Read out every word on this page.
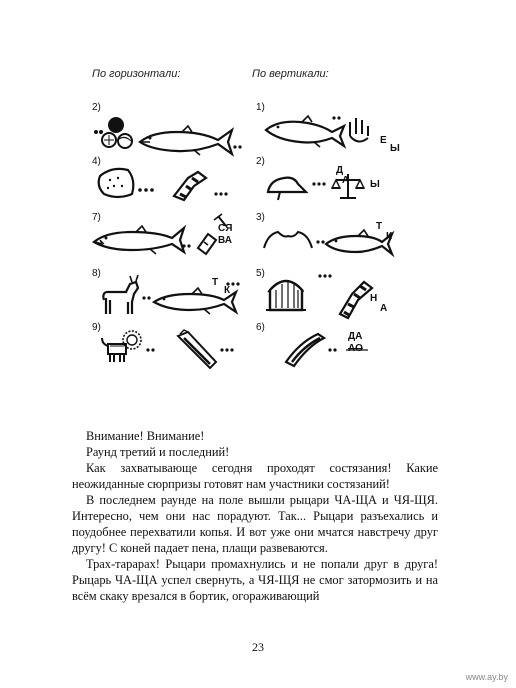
По горизонтали:	По вертикали:
2)
4)
7)
СЯ
ВА
8)
Т
К
9)
1)
Е
Ы
2)
Д
А Ы
3)
Т
К
5)
Н
А
6)
ДА
АО

Внимание! Внимание!

Раунд третий и последний!

Как захватывающе сегодня проходят состязания! Какие неожиданные сюрпризы готовят нам участники состязаний!

В последнем раунде на поле вышли рыцари ЧА-ЩА и ЧЯ-ЩЯ. Интересно, чем они нас порадуют. Так... Рыцари разъехались и поудобнее перехватили копья. И вот уже они мчатся навстречу друг другу! С коней падает пена, плащи развеваются.

Трах-тарарах! Рыцари промахнулись и не попали друг в друга! Рыцарь ЧА-ЩА успел свернуть, а ЧЯ-ЩЯ не смог затормозить и на всём скаку врезался в бортик, огораживающий

23
www.ay.by
